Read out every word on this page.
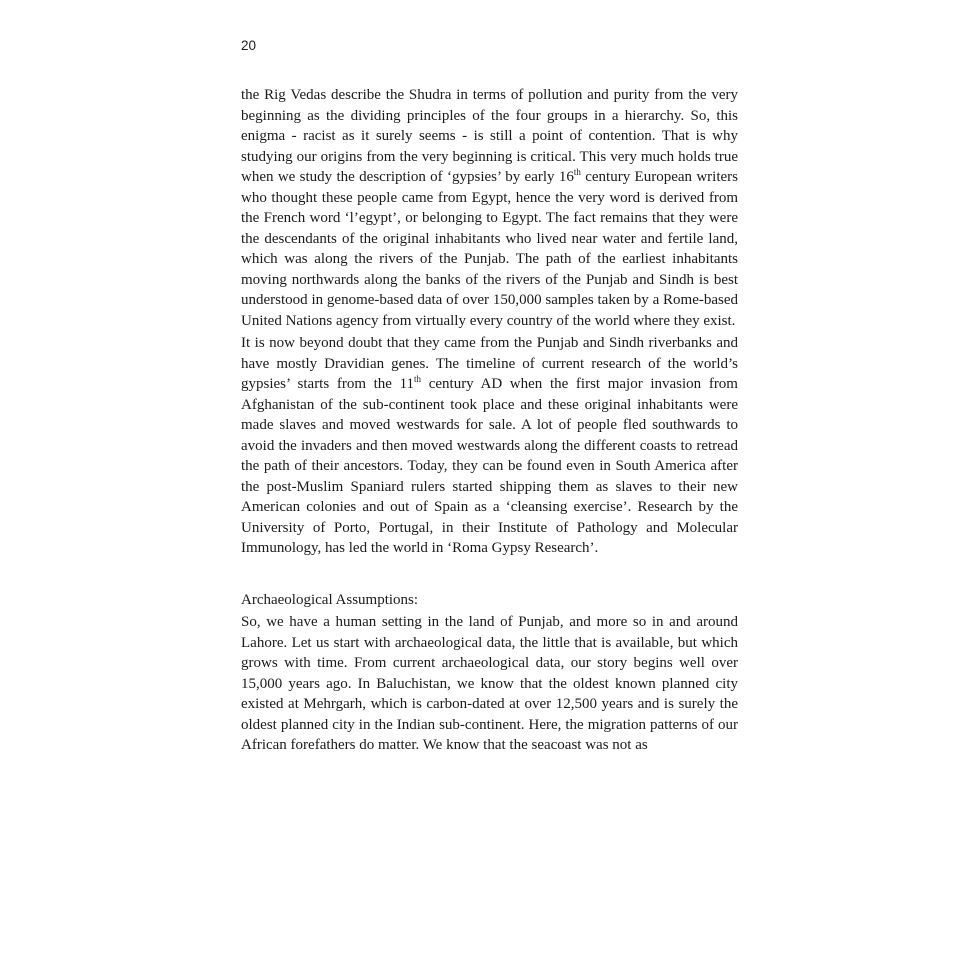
20

the Rig Vedas describe the Shudra in terms of pollution and purity from the very beginning as the dividing principles of the four groups in a hierarchy. So, this enigma - racist as it surely seems - is still a point of contention. That is why studying our origins from the very beginning is critical. This very much holds true when we study the description of ‘gypsies’ by early 16th century European writers who thought these people came from Egypt, hence the very word is derived from the French word ‘l’egypt’, or belonging to Egypt. The fact remains that they were the descendants of the original inhabitants who lived near water and fertile land, which was along the rivers of the Punjab. The path of the earliest inhabitants moving northwards along the banks of the rivers of the Punjab and Sindh is best understood in genome-based data of over 150,000 samples taken by a Rome-based United Nations agency from virtually every country of the world where they exist.

It is now beyond doubt that they came from the Punjab and Sindh riverbanks and have mostly Dravidian genes. The timeline of current research of the world’s gypsies’ starts from the 11th century AD when the first major invasion from Afghanistan of the sub-continent took place and these original inhabitants were made slaves and moved westwards for sale. A lot of people fled southwards to avoid the invaders and then moved westwards along the different coasts to retread the path of their ancestors. Today, they can be found even in South America after the post-Muslim Spaniard rulers started shipping them as slaves to their new American colonies and out of Spain as a ‘cleansing exercise’. Research by the University of Porto, Portugal, in their Institute of Pathology and Molecular Immunology, has led the world in ‘Roma Gypsy Research’.

Archaeological Assumptions:

So, we have a human setting in the land of Punjab, and more so in and around Lahore. Let us start with archaeological data, the little that is available, but which grows with time. From current archaeological data, our story begins well over 15,000 years ago. In Baluchistan, we know that the oldest known planned city existed at Mehrgarh, which is carbon-dated at over 12,500 years and is surely the oldest planned city in the Indian sub-continent. Here, the migration patterns of our African forefathers do matter. We know that the seacoast was not as
